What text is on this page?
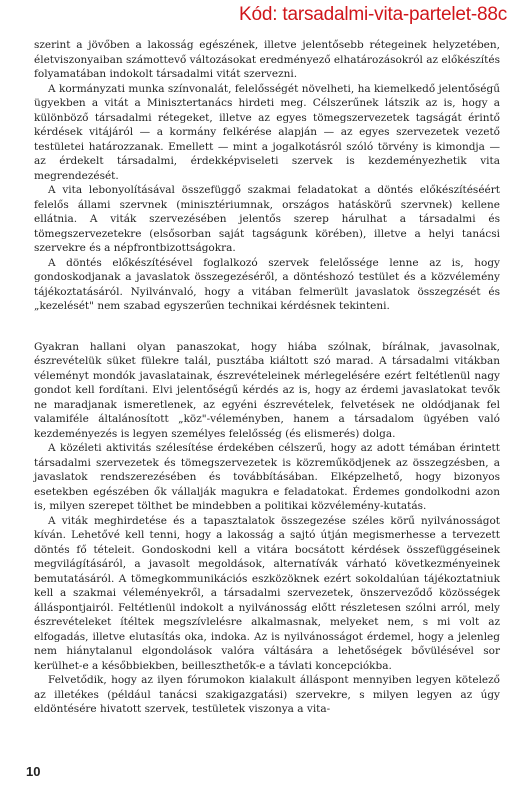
Kód: tarsadalmi-vita-partelet-88c

szerint a jövőben a lakosság egészének, illetve jelentősebb rétegeinek helyzetében, életviszonyaiban számottevő változásokat eredményező elhatározásokról az előkészítés folyamatában indokolt társadalmi vitát szervezni.

A kormányzati munka színvonalát, felelősségét növelheti, ha kiemelkedő jelentőségű ügyekben a vitát a Minisztertanács hirdeti meg. Célszerűnek látszik az is, hogy a különböző társadalmi rétegeket, illetve az egyes tömegszervezetek tagságát érintő kérdések vitájáról — a kormány felkérése alapján — az egyes szervezetek vezető testületei határozzanak. Emellett — mint a jogalkotásról szóló törvény is kimondja — az érdekelt társadalmi, érdekképviseleti szervek is kezdeményezhetik vita megrendezését.

A vita lebonyolításával összefüggő szakmai feladatokat a döntés előkészítéséért felelős állami szervnek (minisztériumnak, országos hatáskörű szervnek) kellene ellátnia. A viták szervezésében jelentős szerep hárulhat a társadalmi és tömegszervezetekre (elsősorban saját tagságunk körében), illetve a helyi tanácsi szervekre és a népfrontbizottságokra.

A döntés előkészítésével foglalkozó szervek felelőssége lenne az is, hogy gondoskodjanak a javaslatok összegezéséről, a döntéshozó testület és a közvélemény tájékoztatásáról. Nyilvánvaló, hogy a vitában felmerült javaslatok összegzését és „kezelését" nem szabad egyszerűen technikai kérdésnek tekinteni.

Gyakran hallani olyan panaszokat, hogy hiába szólnak, bírálnak, javasolnak, észrevételük süket fülekre talál, pusztába kiáltott szó marad. A társadalmi vitákban véleményt mondók javaslatainak, észrevételeinek mérlegelésére ezért feltétlenül nagy gondot kell fordítani. Elvi jelentőségű kérdés az is, hogy az érdemi javaslatokat tevők ne maradjanak ismeretlenek, az egyéni észrevételek, felvetések ne oldódjanak fel valamiféle általánosított „köz"-véleményben, hanem a társadalom ügyében való kezdeményezés is legyen személyes felelősség (és elismerés) dolga.

A közéleti aktivitás szélesítése érdekében célszerű, hogy az adott témában érintett társadalmi szervezetek és tömegszervezetek is közreműködjenek az összegzésben, a javaslatok rendszerezésében és továbbításában. Elképzelhető, hogy bizonyos esetekben egészében ők vállalják magukra e feladatokat. Érdemes gondolkodni azon is, milyen szerepet tölthet be mindebben a politikai közvélemény-kutatás.

A viták meghirdetése és a tapasztalatok összegezése széles körű nyilvánosságot kíván. Lehetővé kell tenni, hogy a lakosság a sajtó útján megismerhesse a tervezett döntés fő tételeit. Gondoskodni kell a vitára bocsátott kérdések összefüggéseinek megvilágításáról, a javasolt megoldások, alternatívák várható következményeinek bemutatásáról. A tömegkommunikációs eszközöknek ezért sokoldalúan tájékoztatniuk kell a szakmai véleményekről, a társadalmi szervezetek, önszerveződő közösségek álláspontjairól. Feltétlenül indokolt a nyilvánosság előtt részletesen szólni arról, mely észrevételeket ítéltek megszívlelésre alkalmasnak, melyeket nem, s mi volt az elfogadás, illetve elutasítás oka, indoka. Az is nyilvánosságot érdemel, hogy a jelenleg nem hiánytalanul elgondolások valóra váltására a lehetőségek bővülésével sor kerülhet-e a későbbiekben, beilleszthetők-e a távlati koncepciókba.

Felvetődik, hogy az ilyen fórumokon kialakult álláspont mennyiben legyen kötelező az illetékes (például tanácsi szakigazgatási) szervekre, s milyen legyen az úgy eldöntésére hivatott szervek, testületek viszonya a vita-

10
